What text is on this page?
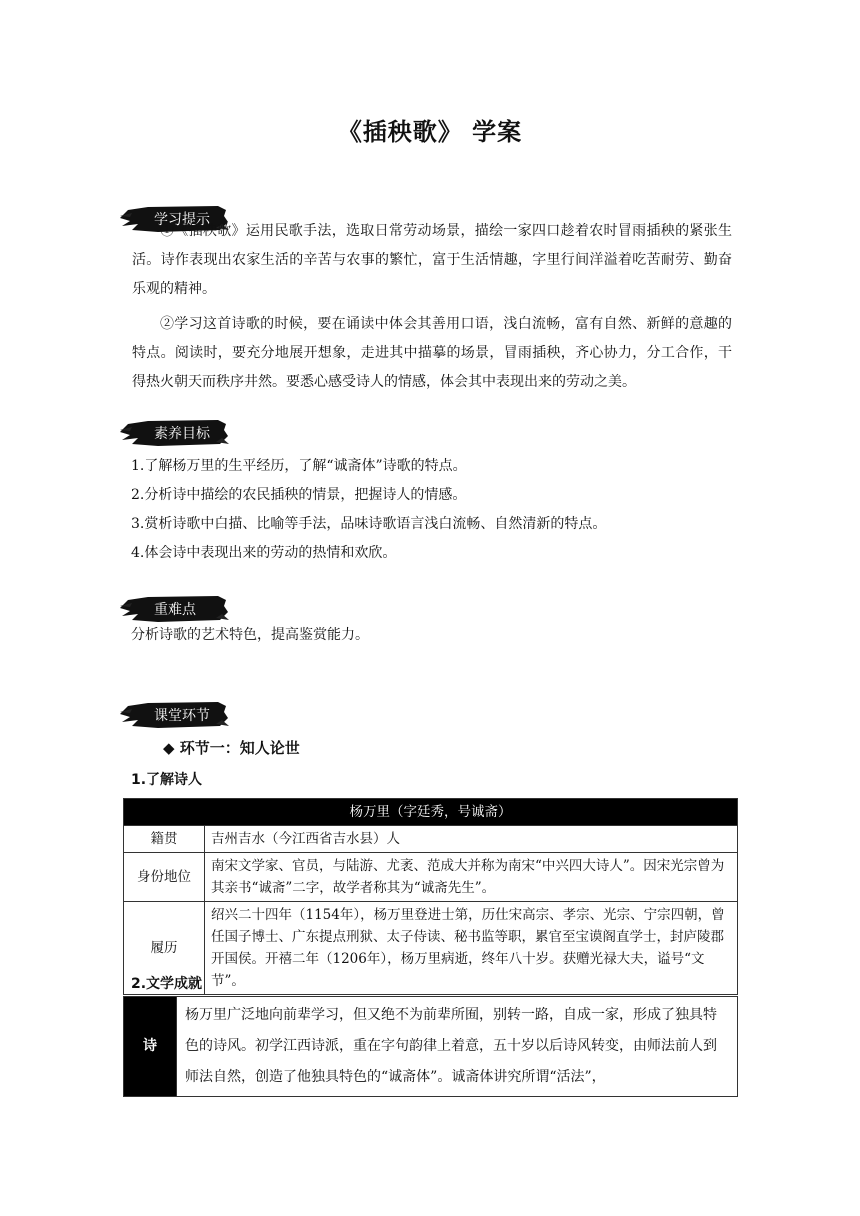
《插秧歌》 学案
学习提示
①《插秧歌》运用民歌手法，选取日常劳动场景，描绘一家四口趁着农时冒雨插秧的紧张生活。诗作表现出农家生活的辛苦与农事的繁忙，富于生活情趣，字里行间洋溢着吃苦耐劳、勤奋乐观的精神。
②学习这首诗歌的时候，要在诵读中体会其善用口语，浅白流畅，富有自然、新鲜的意趣的特点。阅读时，要充分地展开想象，走进其中描摹的场景，冒雨插秧，齐心协力，分工合作，干得热火朝天而秩序井然。要悉心感受诗人的情感，体会其中表现出来的劳动之美。
素养目标
1.了解杨万里的生平经历，了解“诚斋体”诗歌的特点。
2.分析诗中描绘的农民插秧的情景，把握诗人的情感。
3.赏析诗歌中白描、比喻等手法，品味诗歌语言浅白流畅、自然清新的特点。
4.体会诗中表现出来的劳动的热情和欢欣。
重难点
分析诗歌的艺术特色，提高鉴赏能力。
课堂环节
◆ 环节一：知人论世
1.了解诗人
杨万里（字廷秀，号诚斋）	
籍贯	吉州吉水（今江西省吉水县）人
身份地位	南宋文学家、官员，与陆游、尤袤、范成大并称为南宋“中兴四大诗人”。因宋光宗曾为其亲书“诚斋”二字，故学者称其为“诚斋先生”。
履历	绍兴二十四年（1154年），杨万里登进士第，历仕宋高宗、孝宗、光宗、宁宗四朝，曾任国子博士、广东提点刑狱、太子侍读、秘书监等职，累官至宝谟阁直学士，封庐陵郡开国侯。开禧二年（1206年），杨万里病逝，终年八十岁。获赠光禄大夫，谥号“文节”。
2.文学成就
诗	杨万里广泛地向前辈学习，但又绝不为前辈所囿，别转一路，自成一家，形成了独具特色的诗风。初学江西诗派，重在字句韵律上着意，五十岁以后诗风转变，由师法前人到师法自然，创造了他独具特色的“诚斋体”。诚斋体讲究所谓“活法”，
